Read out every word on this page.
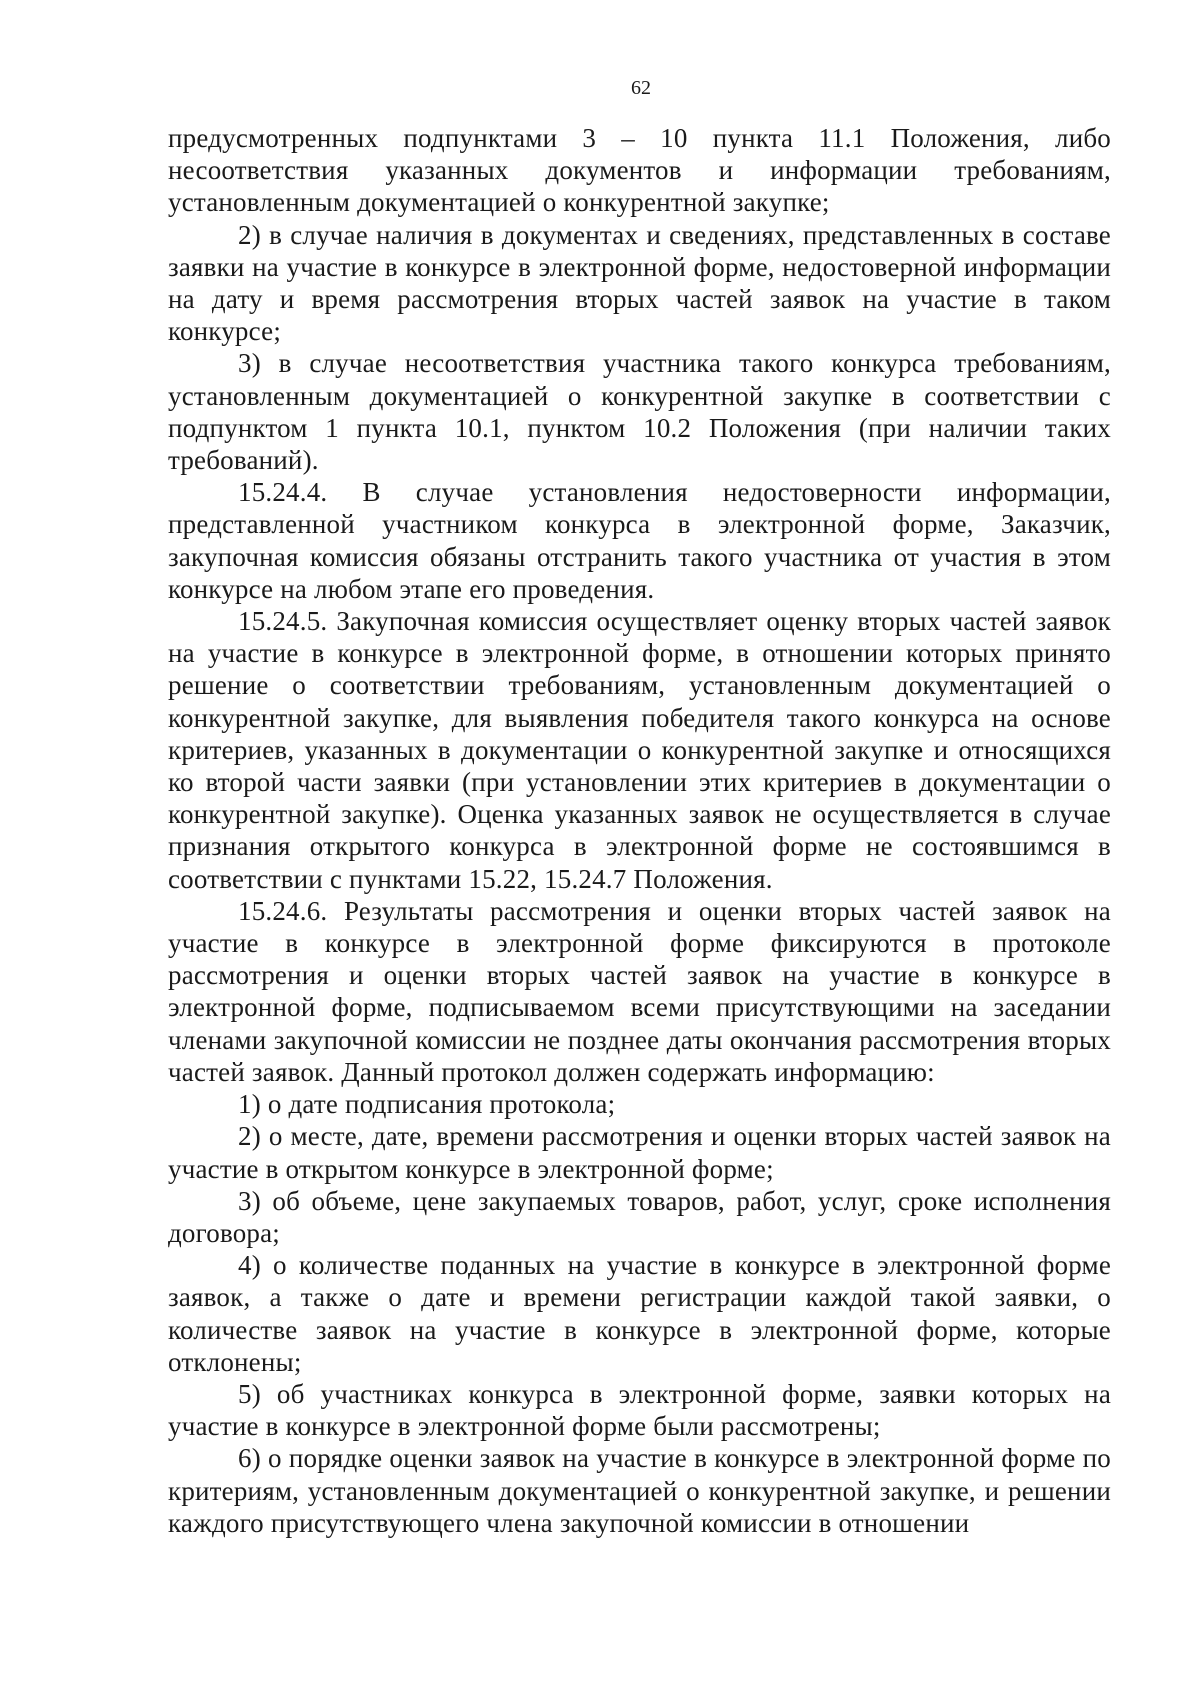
62

предусмотренных подпунктами 3 – 10 пункта 11.1 Положения, либо несоответствия указанных документов и информации требованиям, установленным документацией о конкурентной закупке;

2) в случае наличия в документах и сведениях, представленных в составе заявки на участие в конкурсе в электронной форме, недостоверной информации на дату и время рассмотрения вторых частей заявок на участие в таком конкурсе;

3) в случае несоответствия участника такого конкурса требованиям, установленным документацией о конкурентной закупке в соответствии с подпунктом 1 пункта 10.1, пунктом 10.2 Положения (при наличии таких требований).

15.24.4. В случае установления недостоверности информации, представленной участником конкурса в электронной форме, Заказчик, закупочная комиссия обязаны отстранить такого участника от участия в этом конкурсе на любом этапе его проведения.

15.24.5. Закупочная комиссия осуществляет оценку вторых частей заявок на участие в конкурсе в электронной форме, в отношении которых принято решение о соответствии требованиям, установленным документацией о конкурентной закупке, для выявления победителя такого конкурса на основе критериев, указанных в документации о конкурентной закупке и относящихся ко второй части заявки (при установлении этих критериев в документации о конкурентной закупке). Оценка указанных заявок не осуществляется в случае признания открытого конкурса в электронной форме не состоявшимся в соответствии с пунктами 15.22, 15.24.7 Положения.

15.24.6. Результаты рассмотрения и оценки вторых частей заявок на участие в конкурсе в электронной форме фиксируются в протоколе рассмотрения и оценки вторых частей заявок на участие в конкурсе в электронной форме, подписываемом всеми присутствующими на заседании членами закупочной комиссии не позднее даты окончания рассмотрения вторых частей заявок. Данный протокол должен содержать информацию:

1) о дате подписания протокола;

2) о месте, дате, времени рассмотрения и оценки вторых частей заявок на участие в открытом конкурсе в электронной форме;

3) об объеме, цене закупаемых товаров, работ, услуг, сроке исполнения договора;

4) о количестве поданных на участие в конкурсе в электронной форме заявок, а также о дате и времени регистрации каждой такой заявки, о количестве заявок на участие в конкурсе в электронной форме, которые отклонены;

5) об участниках конкурса в электронной форме, заявки которых на участие в конкурсе в электронной форме были рассмотрены;

6) о порядке оценки заявок на участие в конкурсе в электронной форме по критериям, установленным документацией о конкурентной закупке, и решении каждого присутствующего члена закупочной комиссии в отношении
